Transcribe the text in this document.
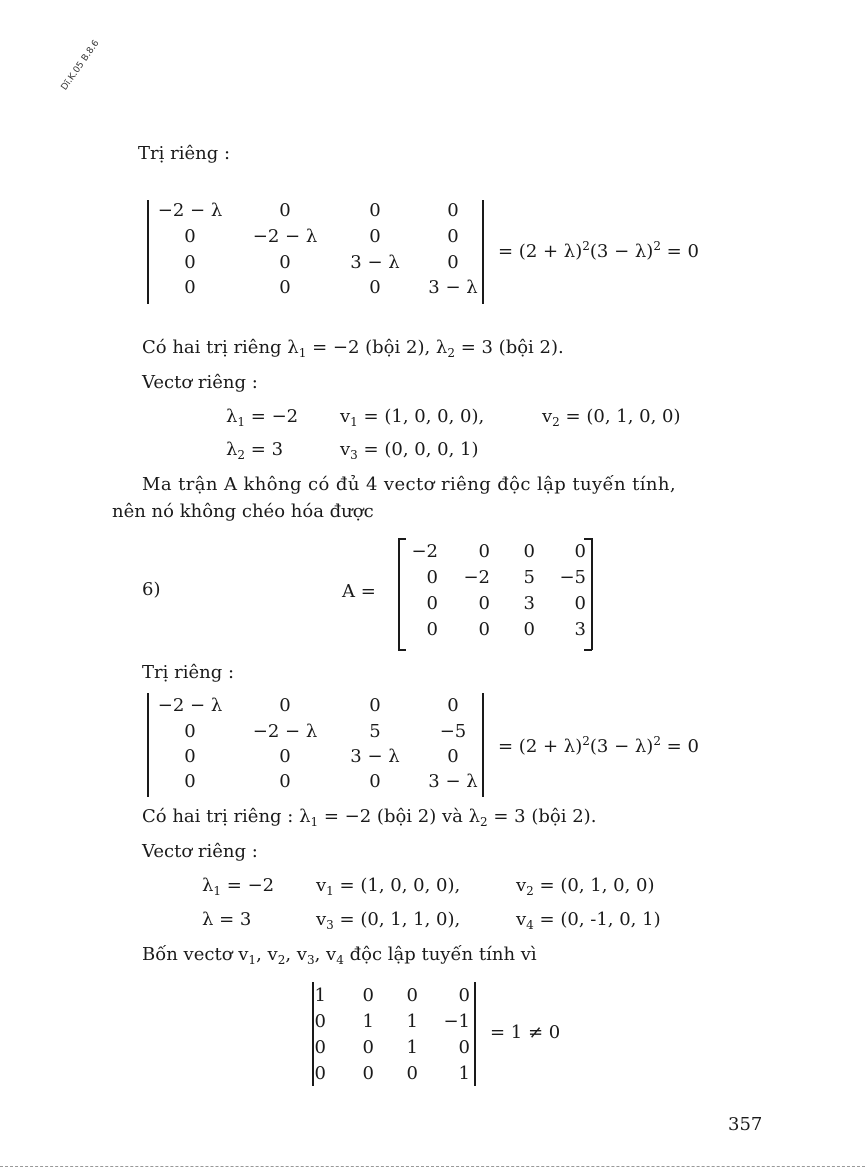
Dĩ.K.05 B.8.6
Trị riêng :
−2 − λ	0	0	0
0	−2 − λ	0	0
0	0	3 − λ	0
0	0	0	3 − λ
= $(2 + \lambda)^2(3 - \lambda)^2 = 0$
Có hai trị riêng $\lambda_1 = -2$ (bội 2), $\lambda_2 = 3$ (bội 2).
Vectơ riêng :
$\lambda_1 = -2$ $v_1 = (1$, 0, 0, 0),	$v_2 = (0$, 1, 0, 0)
$\lambda_2 = 3$	$v_3 = (0$, 0, 0, 1)
Ma trận A không có đủ 4 vectơ riêng độc lập tuyến tính,
nên nó không chéo hóa được
6)	A =
−2	0	0	0
0	−2	5	−5
0	0	3	0
0	0	0	3
Trị riêng :
−2 − λ	0	0	0
0	−2 − λ	5	−5
0	0	3 − λ	0
0	0	0	3 − λ
= $(2 + \lambda)^2(3 - \lambda)^2 = 0$
Có hai trị riêng : $\lambda_1 = -2$ (bội 2) và $\lambda_2 = 3$ (bội 2).
Vectơ riêng :
$\lambda_1 = -2$ $v_1 = (1$, 0, 0, 0),	$v_2 = (0$, 1, 0, 0)
λ = 3	$v_3 = (0$, 1, 1, 0),	$v_4 = (0$, -1, 0, 1)
Bốn vectơ $v_1$, $v_2$, $v_3$, $v_4$ độc lập tuyến tính vì
1	0	0	0
0	1	1	−1
0	0	1	0
0	0	0	1
= 1 ≠ 0
357
